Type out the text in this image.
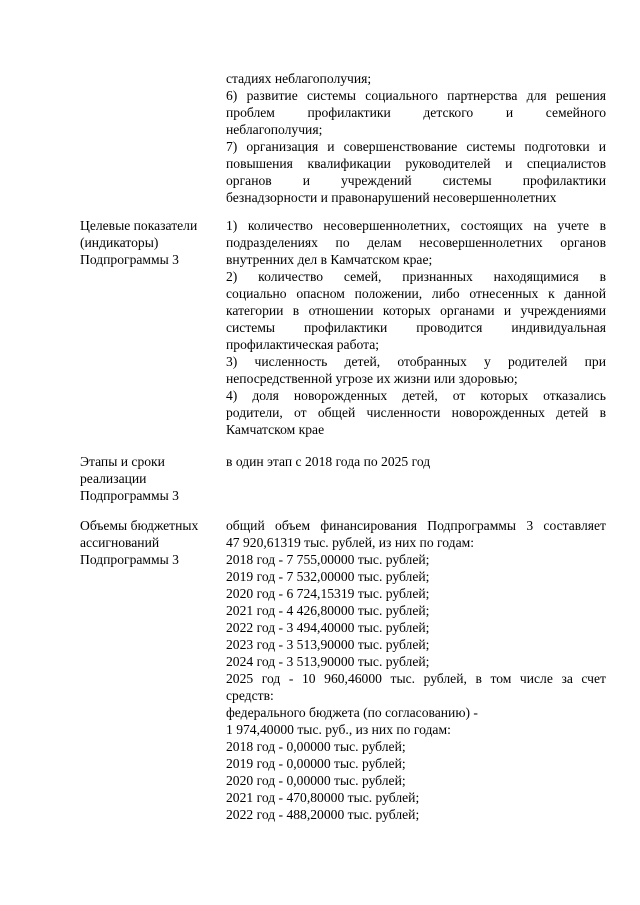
стадиях неблагополучия;
6) развитие системы социального партнерства для решения
проблем профилактики детского и семейного
неблагополучия;
7) организация и совершенствование системы подготовки и
повышения квалификации руководителей и специалистов
органов и учреждений системы профилактики
безнадзорности и правонарушений несовершеннолетних
Целевые показатели
(индикаторы)
Подпрограммы 3
1) количество несовершеннолетних, состоящих на учете в
подразделениях по делам несовершеннолетних органов
внутренних дел в Камчатском крае;
2) количество семей, признанных находящимися в
социально опасном положении, либо отнесенных к данной
категории в отношении которых органами и учреждениями
системы профилактики проводится индивидуальная
профилактическая работа;
3) численность детей, отобранных у родителей при
непосредственной угрозе их жизни или здоровью;
4) доля новорожденных детей, от которых отказались
родители, от общей численности новорожденных детей в
Камчатском крае
Этапы и сроки
реализации
Подпрограммы 3
в один этап с 2018 года по 2025 год
Объемы бюджетных
ассигнований
Подпрограммы 3
общий объем финансирования Подпрограммы 3 составляет
47 920,61319 тыс. рублей, из них по годам:
2018 год - 7 755,00000 тыс. рублей;
2019 год - 7 532,00000 тыс. рублей;
2020 год - 6 724,15319 тыс. рублей;
2021 год - 4 426,80000 тыс. рублей;
2022 год - 3 494,40000 тыс. рублей;
2023 год - 3 513,90000 тыс. рублей;
2024 год - 3 513,90000 тыс. рублей;
2025 год - 10 960,46000 тыс. рублей, в том числе за счет
средств:
федерального бюджета (по согласованию) -
1 974,40000 тыс. руб., из них по годам:
2018 год - 0,00000 тыс. рублей;
2019 год - 0,00000 тыс. рублей;
2020 год - 0,00000 тыс. рублей;
2021 год - 470,80000 тыс. рублей;
2022 год - 488,20000 тыс. рублей;
